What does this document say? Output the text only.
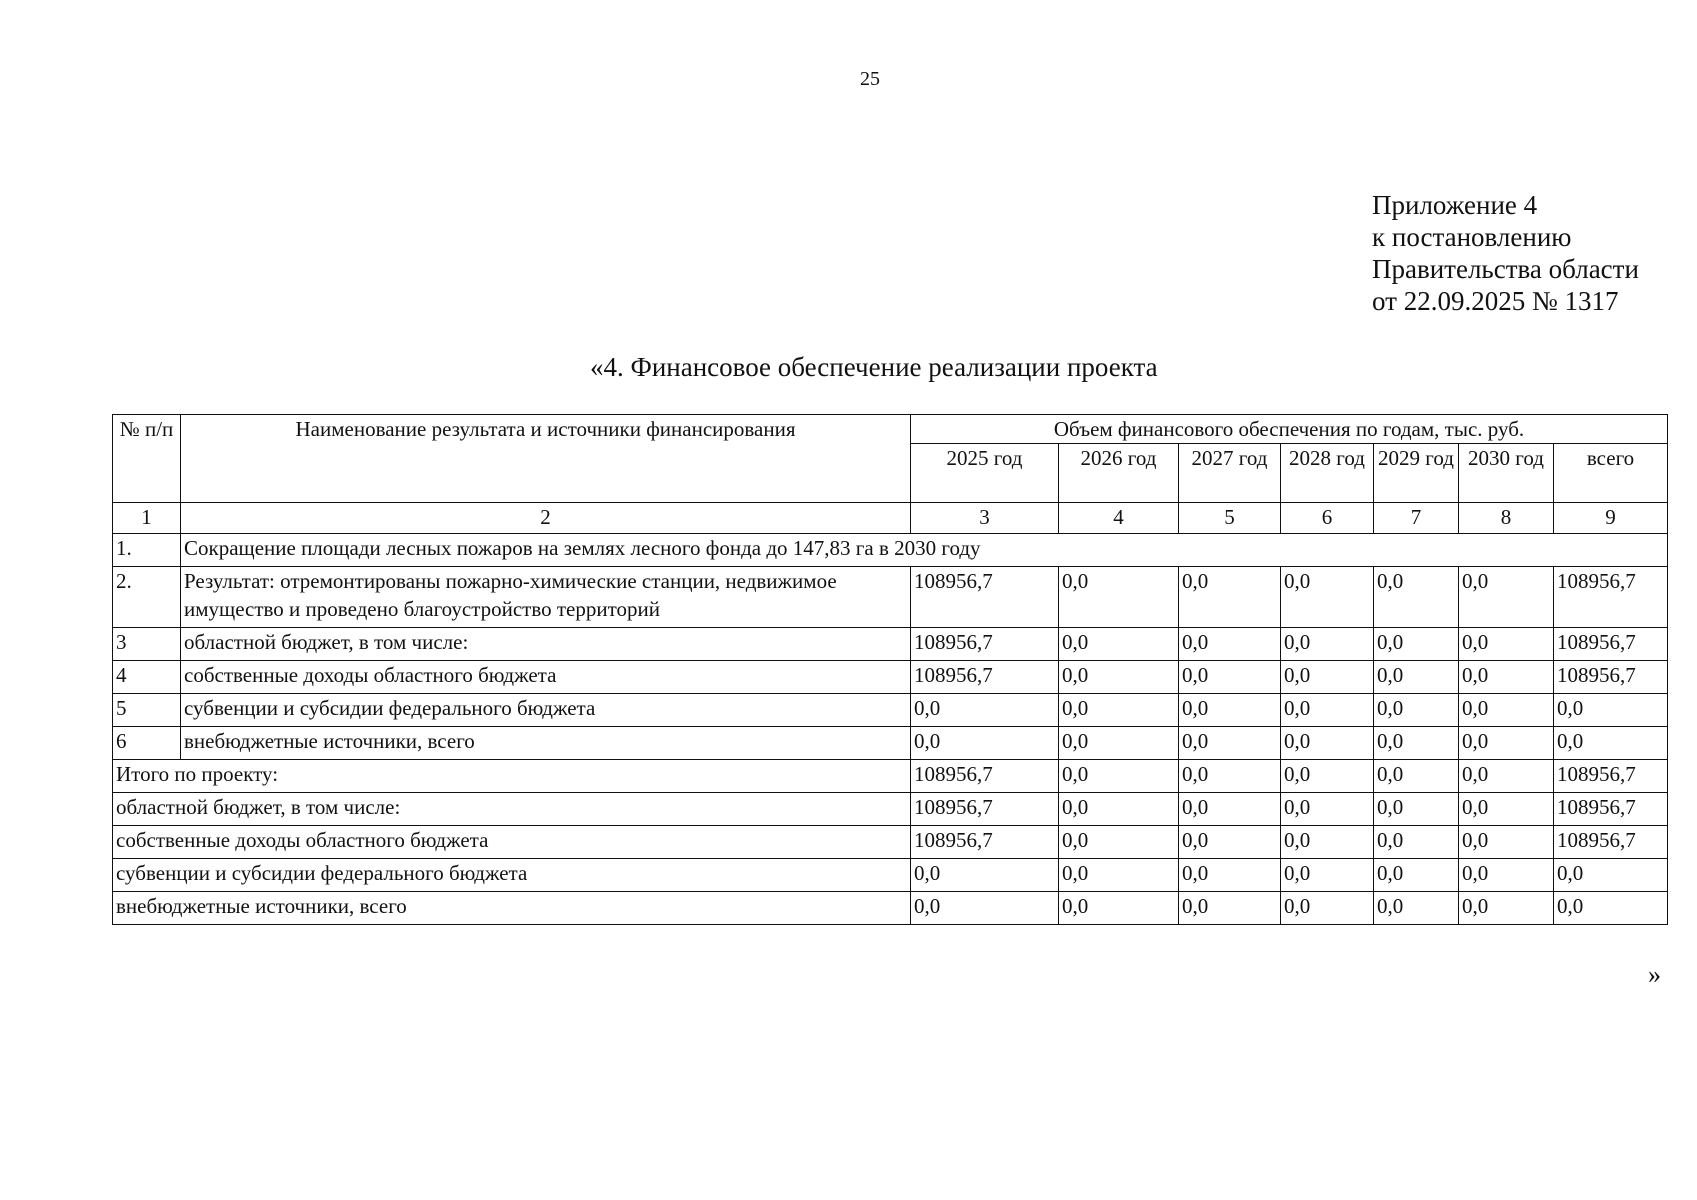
25
Приложение 4
к постановлению
Правительства области
от 22.09.2025 № 1317
«4. Финансовое обеспечение реализации проекта
№ п/п	Наименование результата и источники финансирования	Объем финансового обеспечения по годам, тыс. руб.						
		2025 год	2026 год	2027 год	2028 год	2029 год	2030 год	всего
1	2	3	4	5	6	7	8	9
1.	Сокращение площади лесных пожаров на землях лесного фонда до 147,83 га в 2030 году							
2.	Результат: отремонтированы пожарно-химические станции, недвижимое имущество и проведено благоустройство территорий	108956,7	0,0	0,0	0,0	0,0	0,0	108956,7
3	областной бюджет, в том числе:	108956,7	0,0	0,0	0,0	0,0	0,0	108956,7
4	собственные доходы областного бюджета	108956,7	0,0	0,0	0,0	0,0	0,0	108956,7
5	субвенции и субсидии федерального бюджета	0,0	0,0	0,0	0,0	0,0	0,0	0,0
6	внебюджетные источники, всего	0,0	0,0	0,0	0,0	0,0	0,0	0,0
Итого по проекту:		108956,7	0,0	0,0	0,0	0,0	0,0	108956,7
областной бюджет, в том числе:		108956,7	0,0	0,0	0,0	0,0	0,0	108956,7
собственные доходы областного бюджета		108956,7	0,0	0,0	0,0	0,0	0,0	108956,7
субвенции и субсидии федерального бюджета		0,0	0,0	0,0	0,0	0,0	0,0	0,0
внебюджетные источники, всего		0,0	0,0	0,0	0,0	0,0	0,0	0,0
»
